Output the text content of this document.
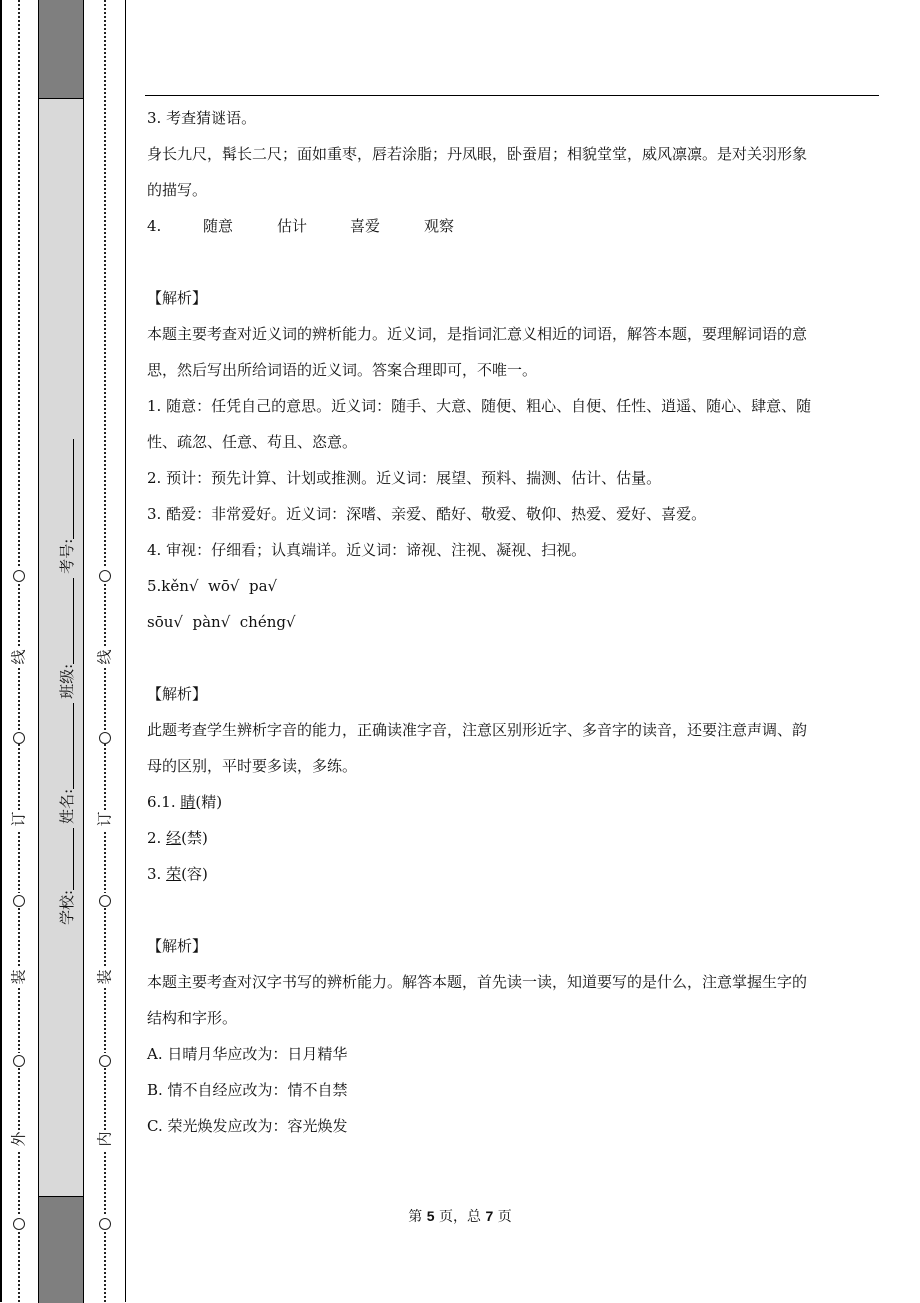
外
装
订
线
内
装
订
线
学校:
姓名:
班级:
考号:
3. 考查猜谜语。
身长九尺，髯长二尺；面如重枣，唇若涂脂；丹凤眼，卧蚕眉；相貌堂堂，威风凛凛。是对关羽形象
的描写。
4.	随意	估计	喜爱	观察
【解析】
本题主要考查对近义词的辨析能力。近义词，是指词汇意义相近的词语，解答本题，要理解词语的意
思，然后写出所给词语的近义词。答案合理即可，不唯一。
1. 随意：任凭自己的意思。近义词：随手、大意、随便、粗心、自便、任性、逍遥、随心、肆意、随
性、疏忽、任意、苟且、恣意。
2. 预计：预先计算、计划或推测。近义词：展望、预料、揣测、估计、估量。
3. 酷爱：非常爱好。近义词：深嗜、亲爱、酷好、敬爱、敬仰、热爱、爱好、喜爱。
4. 审视：仔细看；认真端详。近义词：谛视、注视、凝视、扫视。
5.kěn√  wō√  pa√
sōu√  pàn√  chéng√
【解析】
此题考查学生辨析字音的能力，正确读准字音，注意区别形近字、多音字的读音，还要注意声调、韵
母的区别，平时要多读，多练。
6.1. 睛(精)
2. 经(禁)
3. 荣(容)
【解析】
本题主要考查对汉字书写的辨析能力。解答本题，首先读一读，知道要写的是什么，注意掌握生字的
结构和字形。
A. 日晴月华应改为：日月精华
B. 情不自经应改为：情不自禁
C. 荣光焕发应改为：容光焕发
第 5 页，总 7 页
